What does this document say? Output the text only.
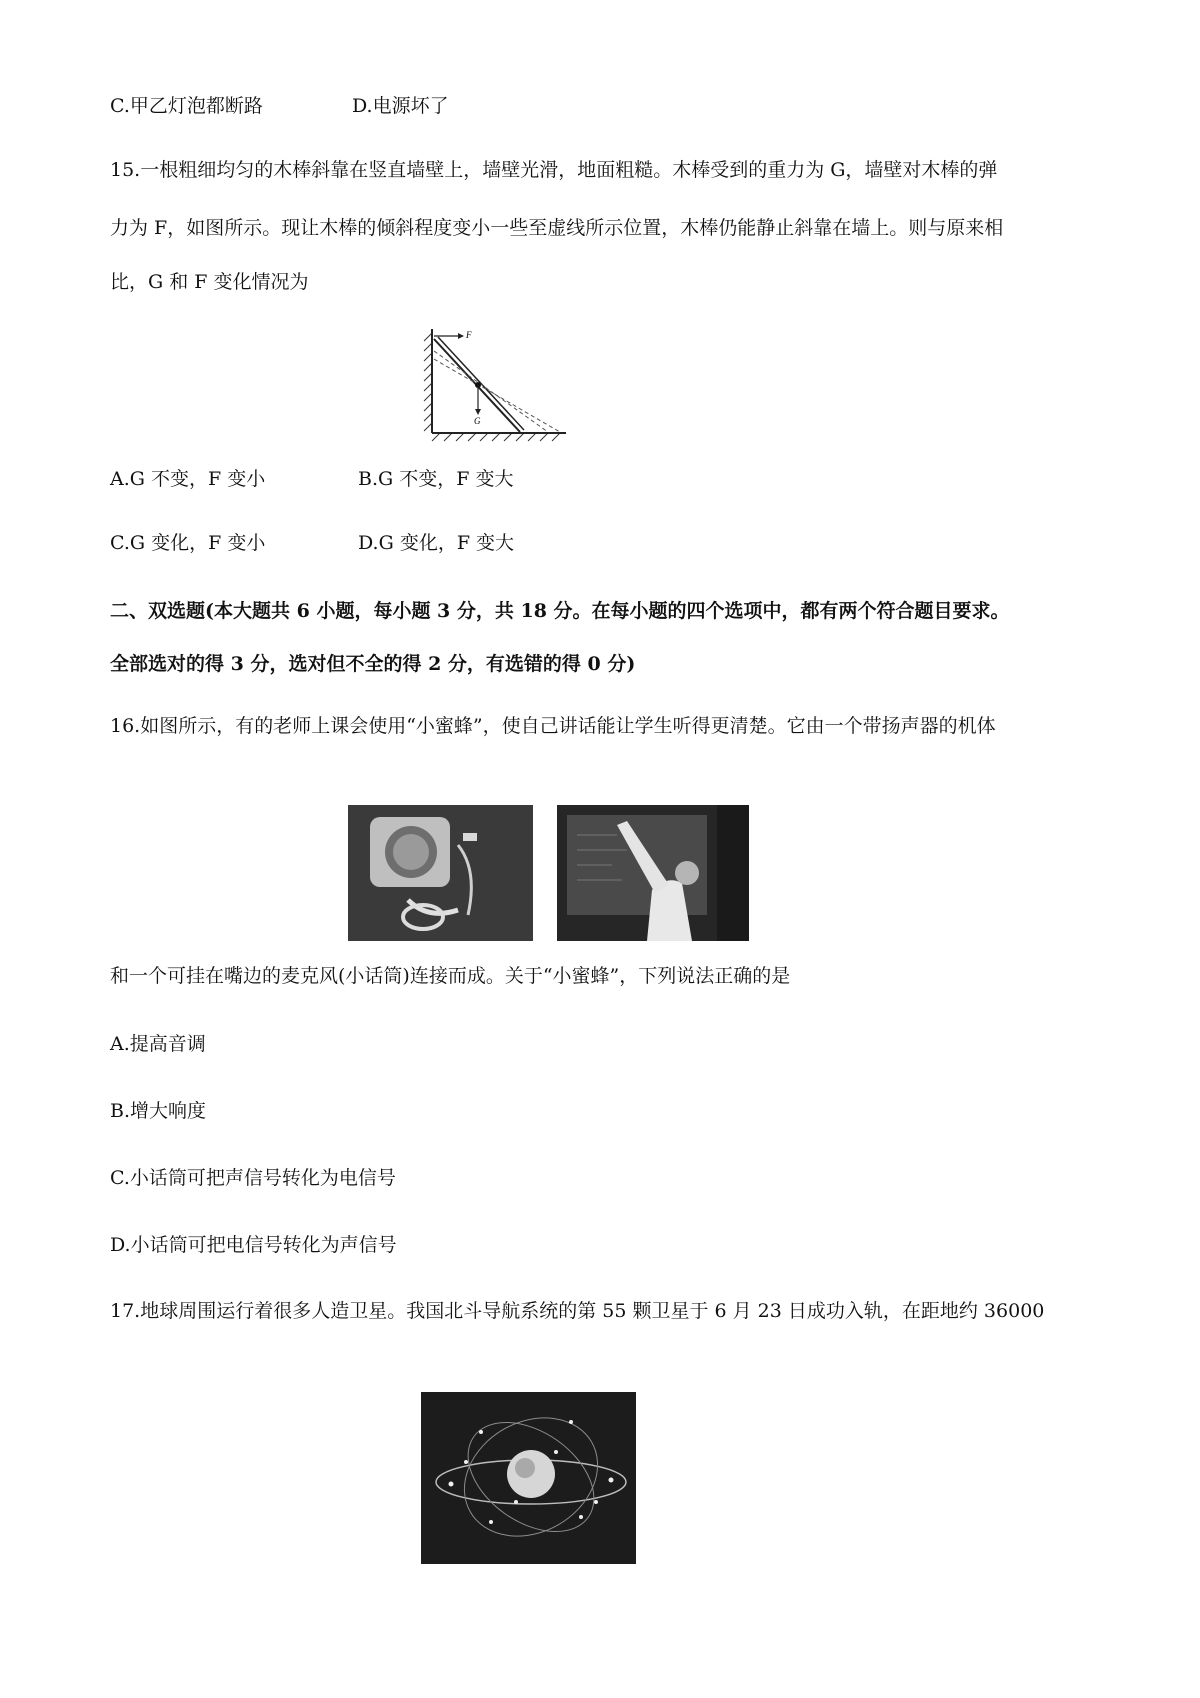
C.甲乙灯泡都断路	D.电源坏了
15.一根粗细均匀的木棒斜靠在竖直墙壁上，墙壁光滑，地面粗糙。木棒受到的重力为 G，墙壁对木棒的弹
力为 F，如图所示。现让木棒的倾斜程度变小一些至虚线所示位置，木棒仍能静止斜靠在墙上。则与原来相
比，G 和 F 变化情况为
F
G
A.G 不变，F 变小	B.G 不变，F 变大
C.G 变化，F 变小	D.G 变化，F 变大
二、双选题(本大题共 6 小题，每小题 3 分，共 18 分。在每小题的四个选项中，都有两个符合题目要求。
全部选对的得 3 分，选对但不全的得 2 分，有选错的得 0 分)
16.如图所示，有的老师上课会使用“小蜜蜂”，使自己讲话能让学生听得更清楚。它由一个带扬声器的机体
和一个可挂在嘴边的麦克风(小话筒)连接而成。关于“小蜜蜂”，下列说法正确的是
A.提高音调
B.增大响度
C.小话筒可把声信号转化为电信号
D.小话筒可把电信号转化为声信号
17.地球周围运行着很多人造卫星。我国北斗导航系统的第 55 颗卫星于 6 月 23 日成功入轨，在距地约 36000
